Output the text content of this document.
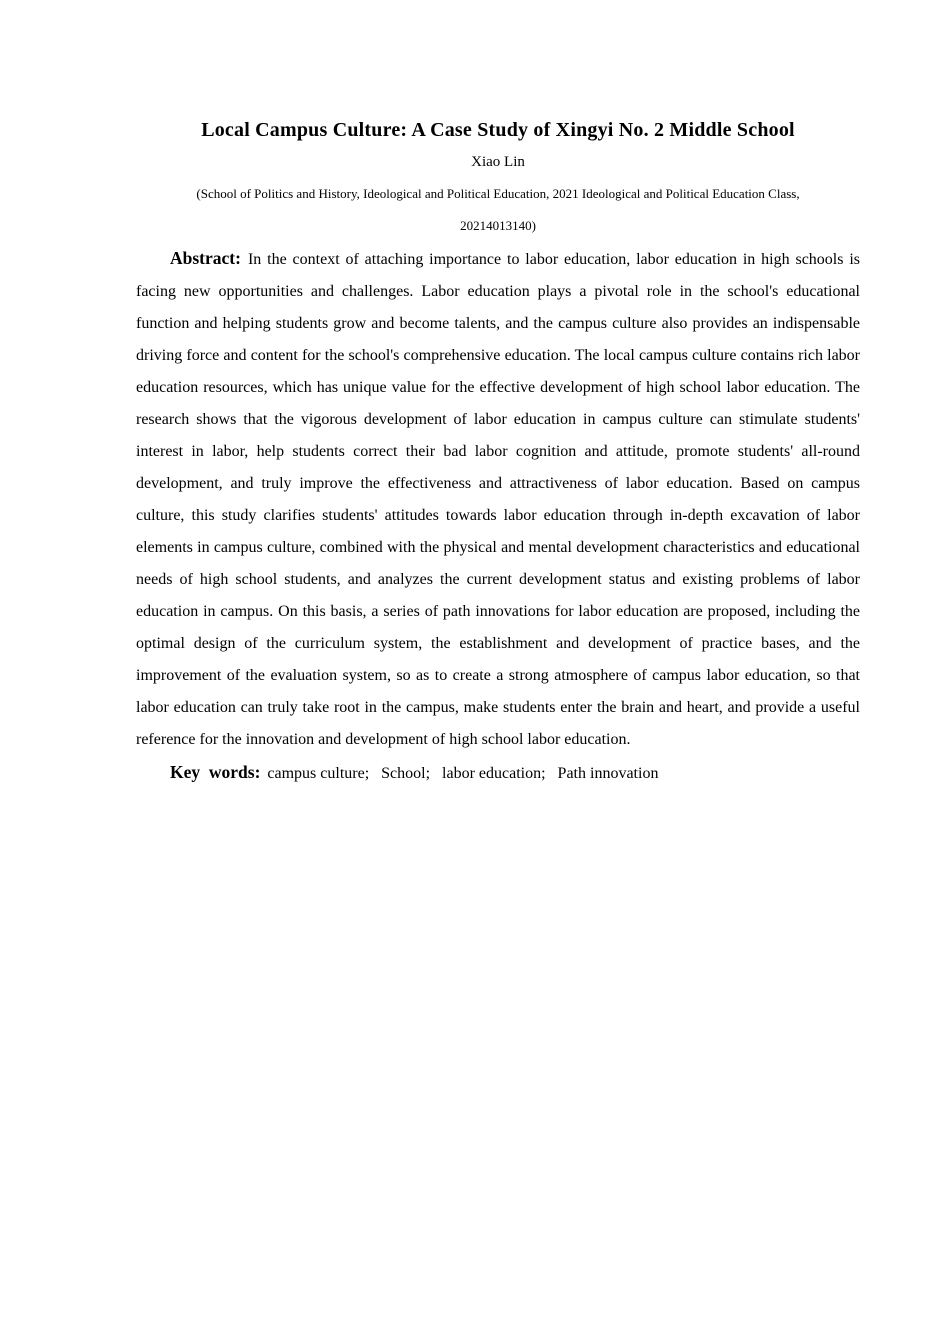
Local Campus Culture: A Case Study of Xingyi No. 2 Middle School
Xiao Lin
(School of Politics and History, Ideological and Political Education, 2021 Ideological and Political Education Class,
20214013140)

Abstract: In the context of attaching importance to labor education, labor education in high schools is facing new opportunities and challenges. Labor education plays a pivotal role in the school's educational function and helping students grow and become talents, and the campus culture also provides an indispensable driving force and content for the school's comprehensive education. The local campus culture contains rich labor education resources, which has unique value for the effective development of high school labor education. The research shows that the vigorous development of labor education in campus culture can stimulate students' interest in labor, help students correct their bad labor cognition and attitude, promote students' all-round development, and truly improve the effectiveness and attractiveness of labor education. Based on campus culture, this study clarifies students' attitudes towards labor education through in-depth excavation of labor elements in campus culture, combined with the physical and mental development characteristics and educational needs of high school students, and analyzes the current development status and existing problems of labor education in campus. On this basis, a series of path innovations for labor education are proposed, including the optimal design of the curriculum system, the establishment and development of practice bases, and the improvement of the evaluation system, so as to create a strong atmosphere of campus labor education, so that labor education can truly take root in the campus, make students enter the brain and heart, and provide a useful reference for the innovation and development of high school labor education.

Key  words: campus culture;   School;   labor education;   Path innovation
